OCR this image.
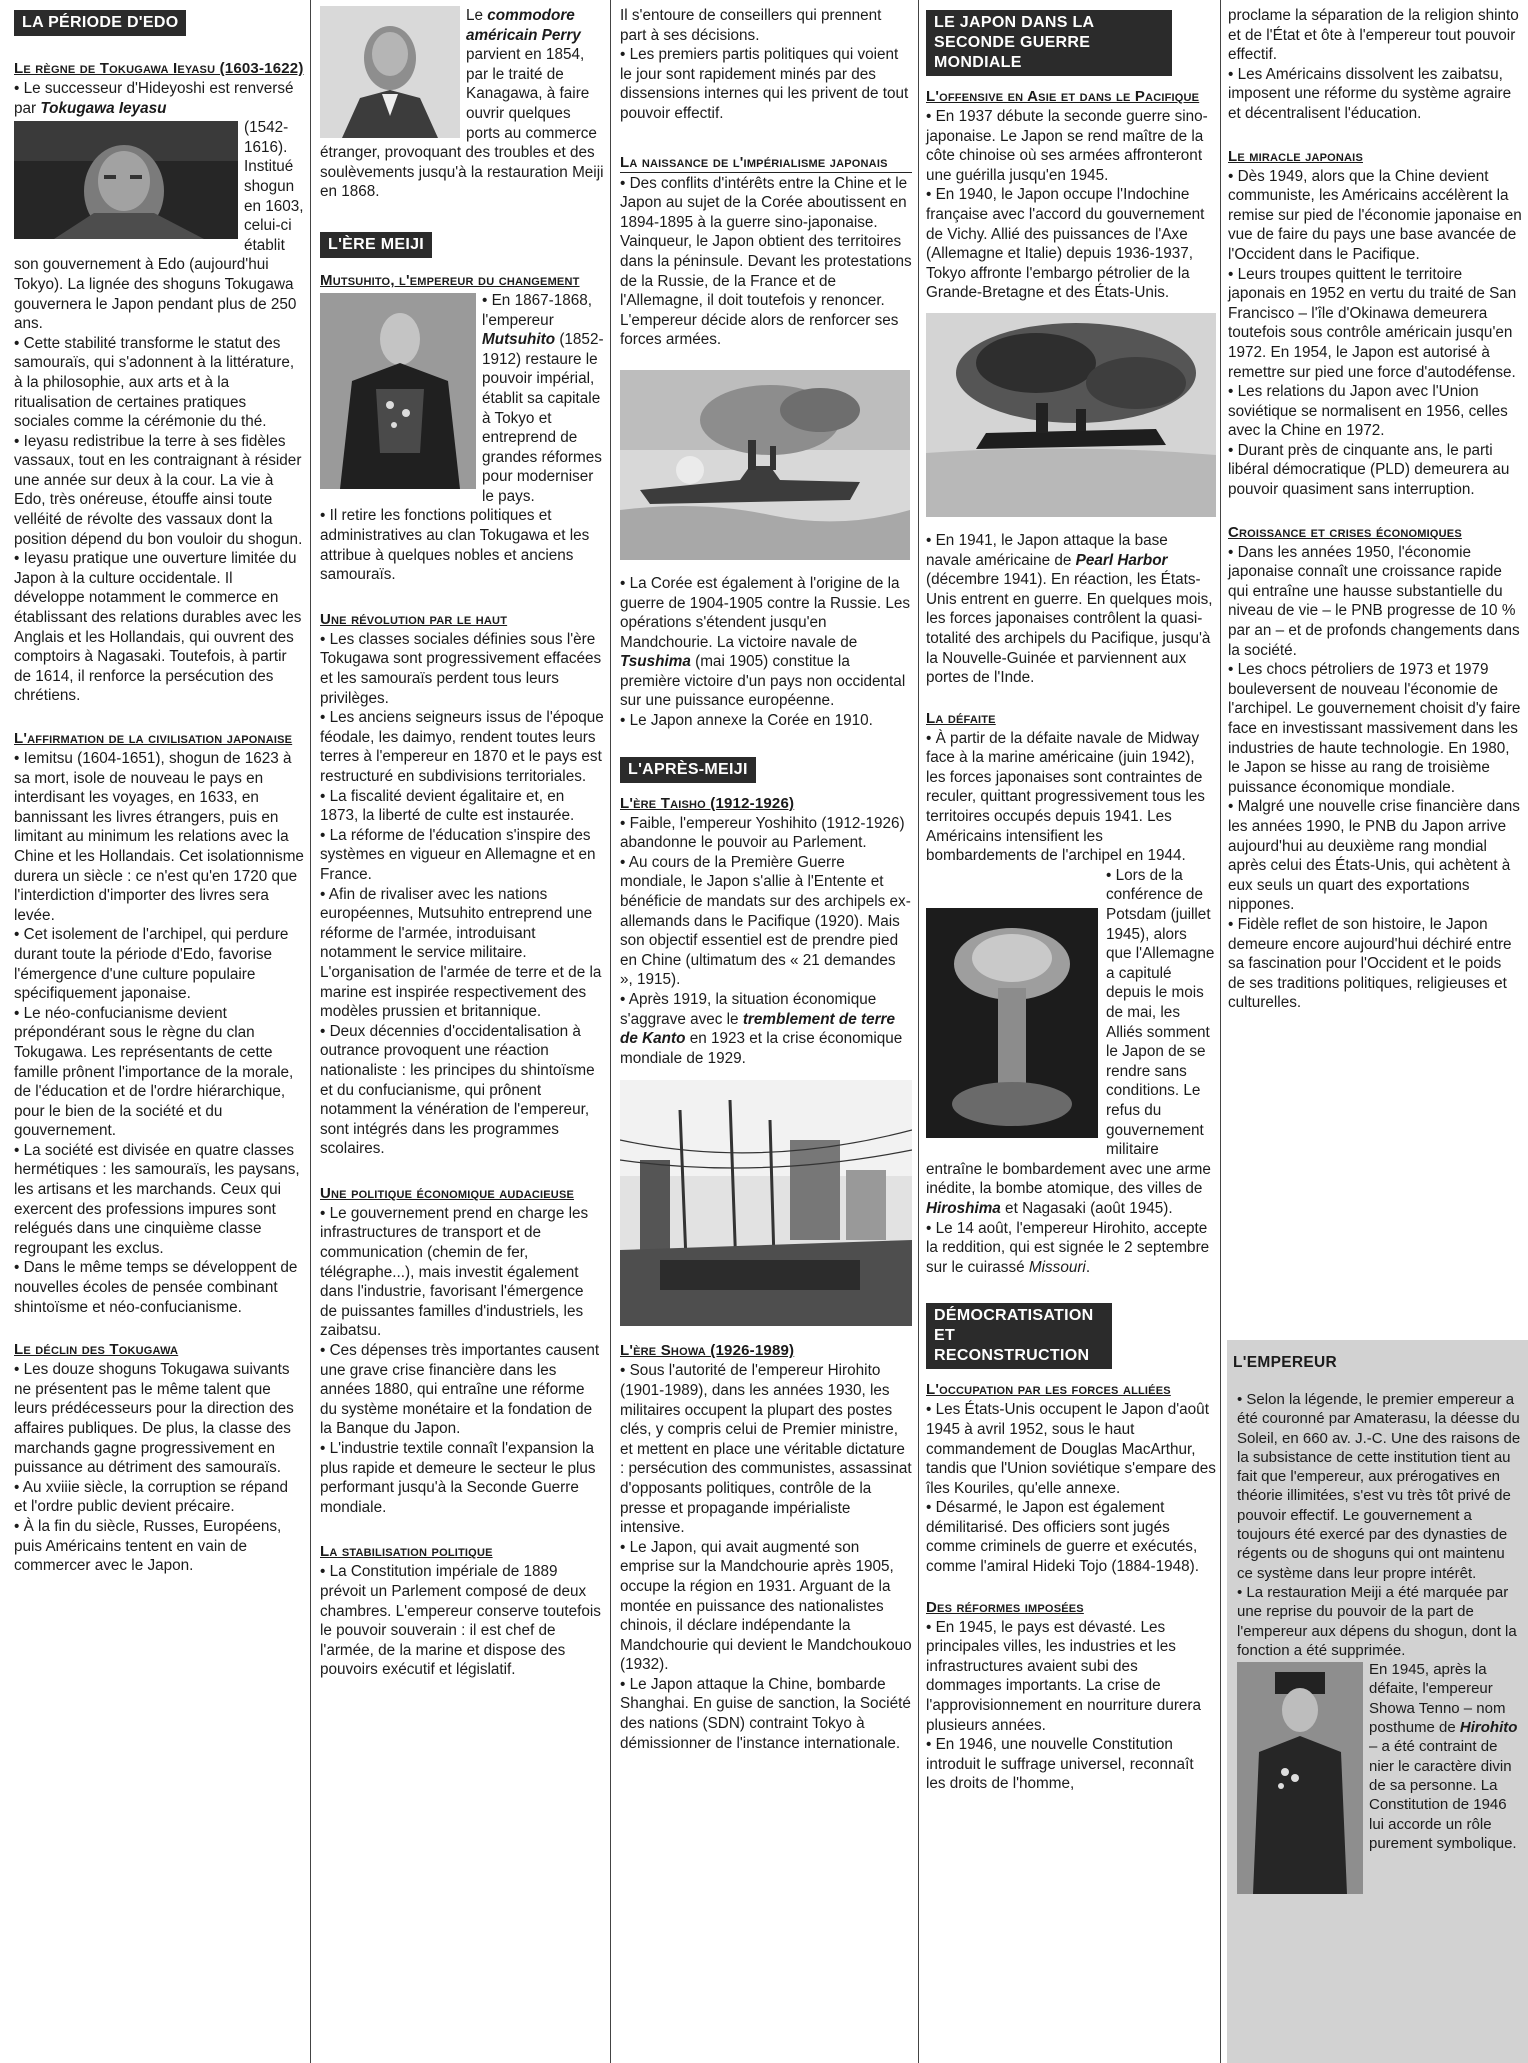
LA PÉRIODE D'EDO
Le règne de Tokugawa Ieyasu (1603-1622)

• Le successeur d'Hideyoshi est renversé par Tokugawa Ieyasu

(1542-1616). Institué shogun en 1603, celui-ci établit son gouvernement à Edo (aujourd'hui Tokyo). La lignée des shoguns Tokugawa gouvernera le Japon pendant plus de 250 ans.

• Cette stabilité transforme le statut des samouraïs, qui s'adonnent à la littérature, à la philosophie, aux arts et à la ritualisation de certaines pratiques sociales comme la cérémonie du thé.

• Ieyasu redistribue la terre à ses fidèles vassaux, tout en les contraignant à résider une année sur deux à la cour. La vie à Edo, très onéreuse, étouffe ainsi toute velléité de révolte des vassaux dont la position dépend du bon vouloir du shogun.

• Ieyasu pratique une ouverture limitée du Japon à la culture occidentale. Il développe notamment le commerce en établissant des relations durables avec les Anglais et les Hollandais, qui ouvrent des comptoirs à Nagasaki. Toutefois, à partir de 1614, il renforce la persécution des chrétiens.

L'affirmation de la civilisation japonaise

• Iemitsu (1604-1651), shogun de 1623 à sa mort, isole de nouveau le pays en interdisant les voyages, en 1633, en bannissant les livres étrangers, puis en limitant au minimum les relations avec la Chine et les Hollandais. Cet isolationnisme durera un siècle : ce n'est qu'en 1720 que l'interdiction d'importer des livres sera levée.

• Cet isolement de l'archipel, qui perdure durant toute la période d'Edo, favorise l'émergence d'une culture populaire spécifiquement japonaise.

• Le néo-confucianisme devient prépondérant sous le règne du clan Tokugawa. Les représentants de cette famille prônent l'importance de la morale, de l'éducation et de l'ordre hiérarchique, pour le bien de la société et du gouvernement.

• La société est divisée en quatre classes hermétiques : les samouraïs, les paysans, les artisans et les marchands. Ceux qui exercent des professions impures sont relégués dans une cinquième classe regroupant les exclus.

• Dans le même temps se développent de nouvelles écoles de pensée combinant shintoïsme et néo-confucianisme.

Le déclin des Tokugawa

• Les douze shoguns Tokugawa suivants ne présentent pas le même talent que leurs prédécesseurs pour la direction des affaires publiques. De plus, la classe des marchands gagne progressivement en puissance au détriment des samouraïs.

• Au xviiie siècle, la corruption se répand et l'ordre public devient précaire.

• À la fin du siècle, Russes, Européens, puis Américains tentent en vain de commercer avec le Japon.

Le commodore américain Perry parvient en 1854, par le traité de Kanagawa, à faire ouvrir quelques ports au commerce étranger, provoquant des troubles et des soulèvements jusqu'à la restauration Meiji en 1868.

L'ÈRE MEIJI
Mutsuhito, l'empereur du changement

• En 1867-1868, l'empereur Mutsuhito (1852-1912) restaure le pouvoir impérial, établit sa capitale à Tokyo et entreprend de grandes réformes pour moderniser le pays.

• Il retire les fonctions politiques et administratives au clan Tokugawa et les attribue à quelques nobles et anciens samouraïs.

Une révolution par le haut

• Les classes sociales définies sous l'ère Tokugawa sont progressivement effacées et les samouraïs perdent tous leurs privilèges.

• Les anciens seigneurs issus de l'époque féodale, les daimyo, rendent toutes leurs terres à l'empereur en 1870 et le pays est restructuré en subdivisions territoriales.

• La fiscalité devient égalitaire et, en 1873, la liberté de culte est instaurée.

• La réforme de l'éducation s'inspire des systèmes en vigueur en Allemagne et en France.

• Afin de rivaliser avec les nations européennes, Mutsuhito entreprend une réforme de l'armée, introduisant notamment le service militaire. L'organisation de l'armée de terre et de la marine est inspirée respectivement des modèles prussien et britannique.

• Deux décennies d'occidentalisation à outrance provoquent une réaction nationaliste : les principes du shintoïsme et du confucianisme, qui prônent notamment la vénération de l'empereur, sont intégrés dans les programmes scolaires.

Une politique économique audacieuse

• Le gouvernement prend en charge les infrastructures de transport et de communication (chemin de fer, télégraphe...), mais investit également dans l'industrie, favorisant l'émergence de puissantes familles d'industriels, les zaibatsu.

• Ces dépenses très importantes causent une grave crise financière dans les années 1880, qui entraîne une réforme du système monétaire et la fondation de la Banque du Japon.

• L'industrie textile connaît l'expansion la plus rapide et demeure le secteur le plus performant jusqu'à la Seconde Guerre mondiale.

La stabilisation politique

• La Constitution impériale de 1889 prévoit un Parlement composé de deux chambres. L'empereur conserve toutefois le pouvoir souverain : il est chef de l'armée, de la marine et dispose des pouvoirs exécutif et législatif.

Il s'entoure de conseillers qui prennent part à ses décisions.

• Les premiers partis politiques qui voient le jour sont rapidement minés par des dissensions internes qui les privent de tout pouvoir effectif.

La naissance de l'impérialisme japonais

• Des conflits d'intérêts entre la Chine et le Japon au sujet de la Corée aboutissent en 1894-1895 à la guerre sino-japonaise. Vainqueur, le Japon obtient des territoires dans la péninsule. Devant les protestations de la Russie, de la France et de l'Allemagne, il doit toutefois y renoncer. L'empereur décide alors de renforcer ses forces armées.

• La Corée est également à l'origine de la guerre de 1904-1905 contre la Russie. Les opérations s'étendent jusqu'en Mandchourie. La victoire navale de Tsushima (mai 1905) constitue la première victoire d'un pays non occidental sur une puissance européenne.

• Le Japon annexe la Corée en 1910.

L'APRÈS-MEIJI
L'ère Taisho (1912-1926)

• Faible, l'empereur Yoshihito (1912-1926) abandonne le pouvoir au Parlement.

• Au cours de la Première Guerre mondiale, le Japon s'allie à l'Entente et bénéficie de mandats sur des archipels ex-allemands dans le Pacifique (1920). Mais son objectif essentiel est de prendre pied en Chine (ultimatum des « 21 demandes », 1915).

• Après 1919, la situation économique s'aggrave avec le tremblement de terre de Kanto en 1923 et la crise économique mondiale de 1929.

L'ère Showa (1926-1989)

• Sous l'autorité de l'empereur Hirohito (1901-1989), dans les années 1930, les militaires occupent la plupart des postes clés, y compris celui de Premier ministre, et mettent en place une véritable dictature : persécution des communistes, assassinat d'opposants politiques, contrôle de la presse et propagande impérialiste intensive.

• Le Japon, qui avait augmenté son emprise sur la Mandchourie après 1905, occupe la région en 1931. Arguant de la montée en puissance des nationalistes chinois, il déclare indépendante la Mandchourie qui devient le Mandchoukouo (1932).

• Le Japon attaque la Chine, bombarde Shanghai. En guise de sanction, la Société des nations (SDN) contraint Tokyo à démissionner de l'instance internationale.

LE JAPON DANS LA SECONDE GUERRE MONDIALE
L'offensive en Asie et dans le Pacifique

• En 1937 débute la seconde guerre sino-japonaise. Le Japon se rend maître de la côte chinoise où ses armées affronteront une guérilla jusqu'en 1945.

• En 1940, le Japon occupe l'Indochine française avec l'accord du gouvernement de Vichy. Allié des puissances de l'Axe (Allemagne et Italie) depuis 1936-1937, Tokyo affronte l'embargo pétrolier de la Grande-Bretagne et des États-Unis.

• En 1941, le Japon attaque la base navale américaine de Pearl Harbor (décembre 1941). En réaction, les États-Unis entrent en guerre. En quelques mois, les forces japonaises contrôlent la quasi-totalité des archipels du Pacifique, jusqu'à la Nouvelle-Guinée et parviennent aux portes de l'Inde.

La défaite

• À partir de la défaite navale de Midway face à la marine américaine (juin 1942), les forces japonaises sont contraintes de reculer, quittant progressivement tous les territoires occupés depuis 1941. Les Américains intensifient les bombardements de l'archipel en 1944.

• Lors de la conférence de Potsdam (juillet 1945), alors que l'Allemagne a capitulé depuis le mois de mai, les Alliés somment le Japon de se rendre sans conditions. Le refus du gouvernement militaire entraîne le bombardement avec une arme inédite, la bombe atomique, des villes de Hiroshima et Nagasaki (août 1945).

• Le 14 août, l'empereur Hirohito, accepte la reddition, qui est signée le 2 septembre sur le cuirassé Missouri.

DÉMOCRATISATION ET RECONSTRUCTION
L'occupation par les forces alliées

• Les États-Unis occupent le Japon d'août 1945 à avril 1952, sous le haut commandement de Douglas MacArthur, tandis que l'Union soviétique s'empare des îles Kouriles, qu'elle annexe.

• Désarmé, le Japon est également démilitarisé. Des officiers sont jugés comme criminels de guerre et exécutés, comme l'amiral Hideki Tojo (1884-1948).

Des réformes imposées

• En 1945, le pays est dévasté. Les principales villes, les industries et les infrastructures avaient subi des dommages importants. La crise de l'approvisionnement en nourriture durera plusieurs années.

• En 1946, une nouvelle Constitution introduit le suffrage universel, reconnaît les droits de l'homme,

proclame la séparation de la religion shinto et de l'État et ôte à l'empereur tout pouvoir effectif.

• Les Américains dissolvent les zaibatsu, imposent une réforme du système agraire et décentralisent l'éducation.

Le miracle japonais

• Dès 1949, alors que la Chine devient communiste, les Américains accélèrent la remise sur pied de l'économie japonaise en vue de faire du pays une base avancée de l'Occident dans le Pacifique.

• Leurs troupes quittent le territoire japonais en 1952 en vertu du traité de San Francisco – l'île d'Okinawa demeurera toutefois sous contrôle américain jusqu'en 1972. En 1954, le Japon est autorisé à remettre sur pied une force d'autodéfense.

• Les relations du Japon avec l'Union soviétique se normalisent en 1956, celles avec la Chine en 1972.

• Durant près de cinquante ans, le parti libéral démocratique (PLD) demeurera au pouvoir quasiment sans interruption.

Croissance et crises économiques

• Dans les années 1950, l'économie japonaise connaît une croissance rapide qui entraîne une hausse substantielle du niveau de vie – le PNB progresse de 10 % par an – et de profonds changements dans la société.

• Les chocs pétroliers de 1973 et 1979 bouleversent de nouveau l'économie de l'archipel. Le gouvernement choisit d'y faire face en investissant massivement dans les industries de haute technologie. En 1980, le Japon se hisse au rang de troisième puissance économique mondiale.

• Malgré une nouvelle crise financière dans les années 1990, le PNB du Japon arrive aujourd'hui au deuxième rang mondial après celui des États-Unis, qui achètent à eux seuls un quart des exportations nippones.

• Fidèle reflet de son histoire, le Japon demeure encore aujourd'hui déchiré entre sa fascination pour l'Occident et le poids de ses traditions politiques, religieuses et culturelles.

L'EMPEREUR

• Selon la légende, le premier empereur a été couronné par Amaterasu, la déesse du Soleil, en 660 av. J.-C. Une des raisons de la subsistance de cette institution tient au fait que l'empereur, aux prérogatives en théorie illimitées, s'est vu très tôt privé de pouvoir effectif. Le gouvernement a toujours été exercé par des dynasties de régents ou de shoguns qui ont maintenu ce système dans leur propre intérêt.

• La restauration Meiji a été marquée par une reprise du pouvoir de la part de l'empereur aux dépens du shogun, dont la fonction a été supprimée.

En 1945, après la défaite, l'empereur Showa Tenno – nom posthume de Hirohito – a été contraint de nier le caractère divin de sa personne. La Constitution de 1946 lui accorde un rôle purement symbolique.
